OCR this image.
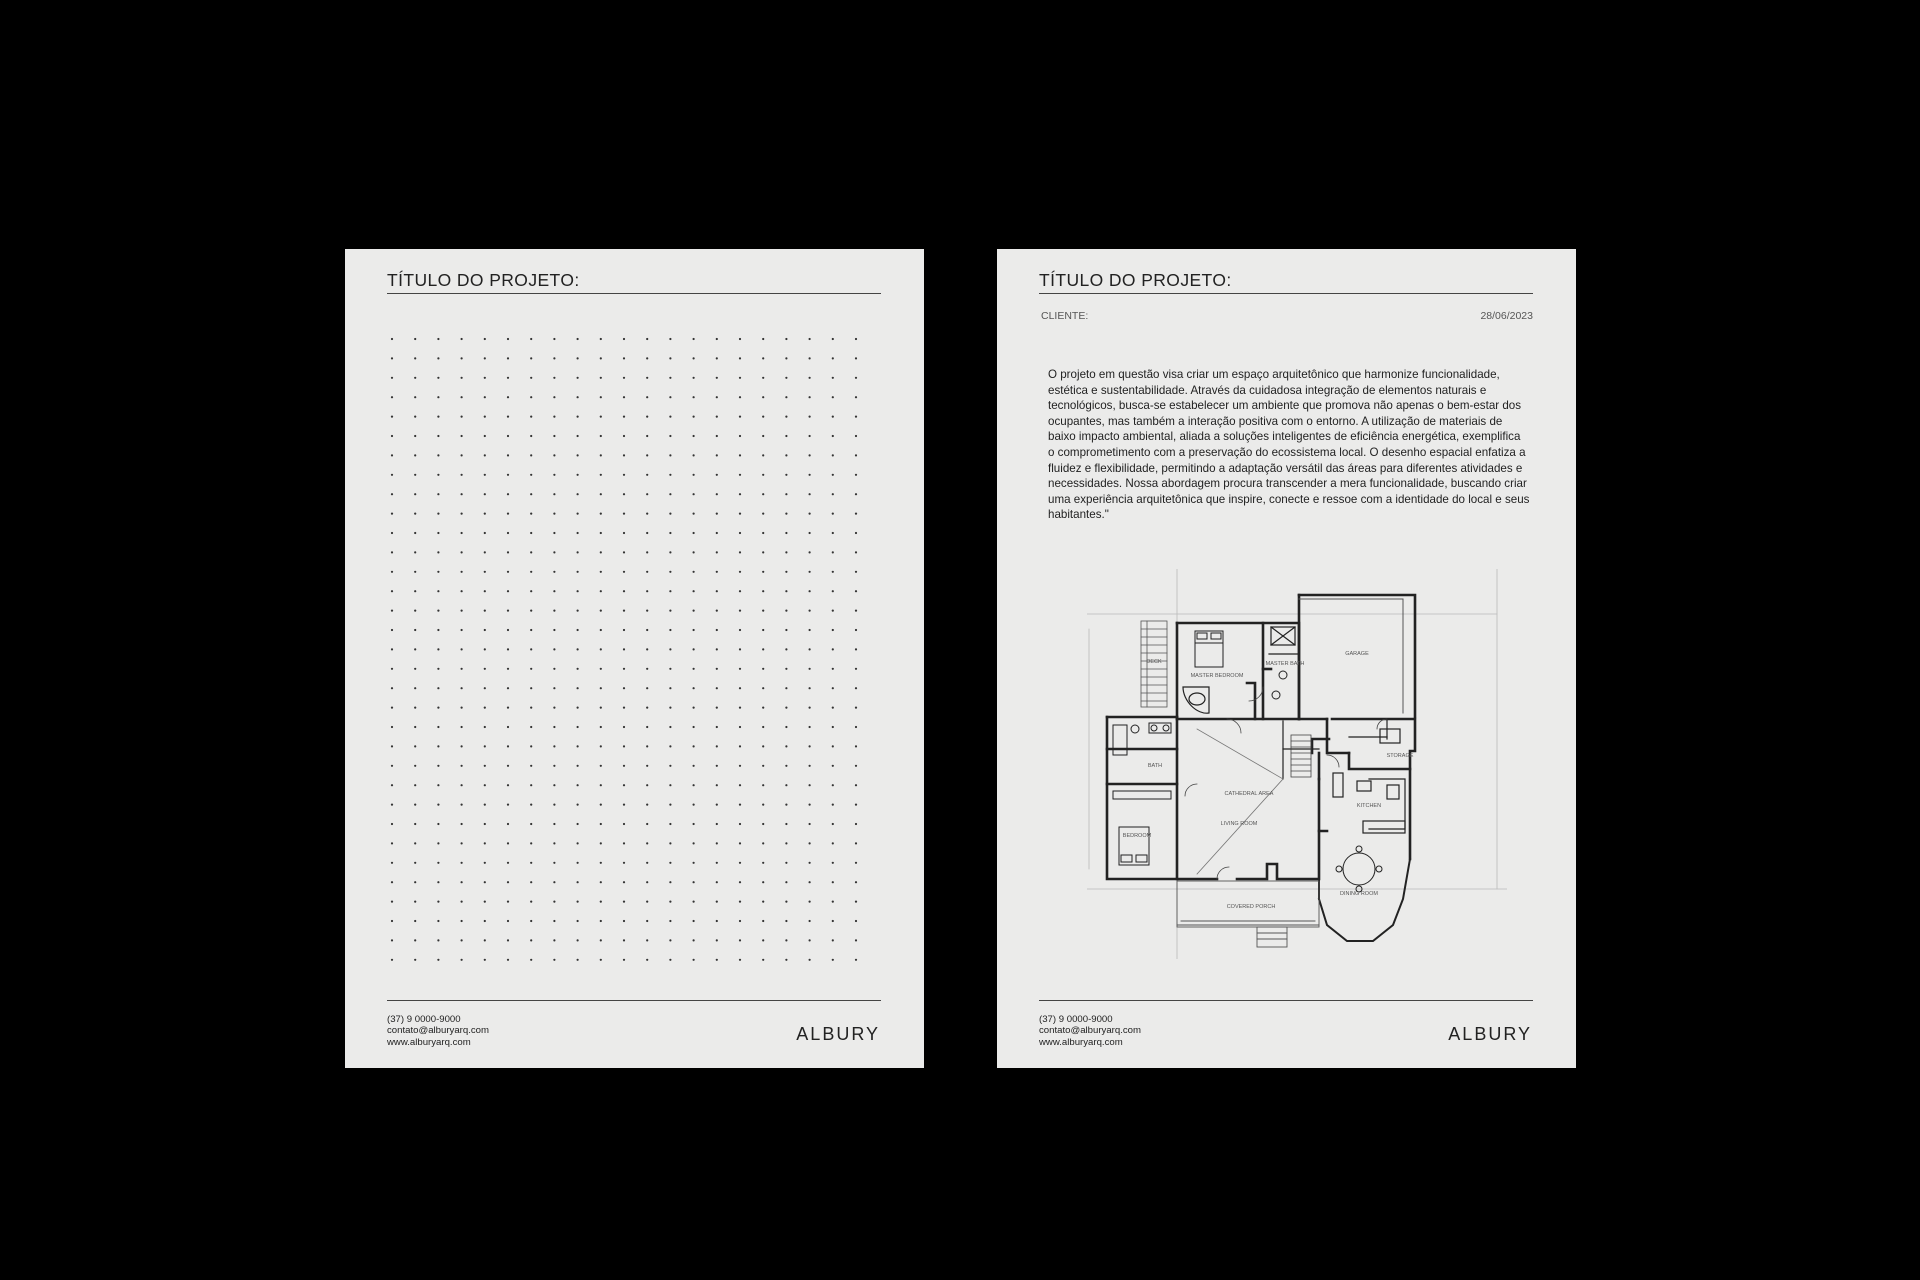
TÍTULO DO PROJETO:
(37) 9 0000-9000
contato@alburyarq.com
www.alburyarq.com	ALBURY
TÍTULO DO PROJETO:
CLIENTE:	28/06/2023
O projeto em questão visa criar um espaço arquitetônico que harmonize funcionalidade, estética e sustentabilidade. Através da cuidadosa integração de elementos naturais e tecnológicos, busca-se estabelecer um ambiente que promova não apenas o bem-estar dos ocupantes, mas também a interação positiva com o entorno. A utilização de materiais de baixo impacto ambiental, aliada a soluções inteligentes de eficiência energética, exemplifica o comprometimento com a preservação do ecossistema local. O desenho espacial enfatiza a fluidez e flexibilidade, permitindo a adaptação versátil das áreas para diferentes atividades e necessidades. Nossa abordagem procura transcender a mera funcionalidade, buscando criar uma experiência arquitetônica que inspire, conecte e ressoe com a identidade do local e seus habitantes."
DECK
MASTER BEDROOM
MASTER BATH
GARAGE
BATH
STORAGE
CATHEDRAL AREA
LIVING ROOM
KITCHEN
BEDROOM
DINING ROOM
COVERED PORCH
(37) 9 0000-9000
contato@alburyarq.com
www.alburyarq.com	ALBURY
